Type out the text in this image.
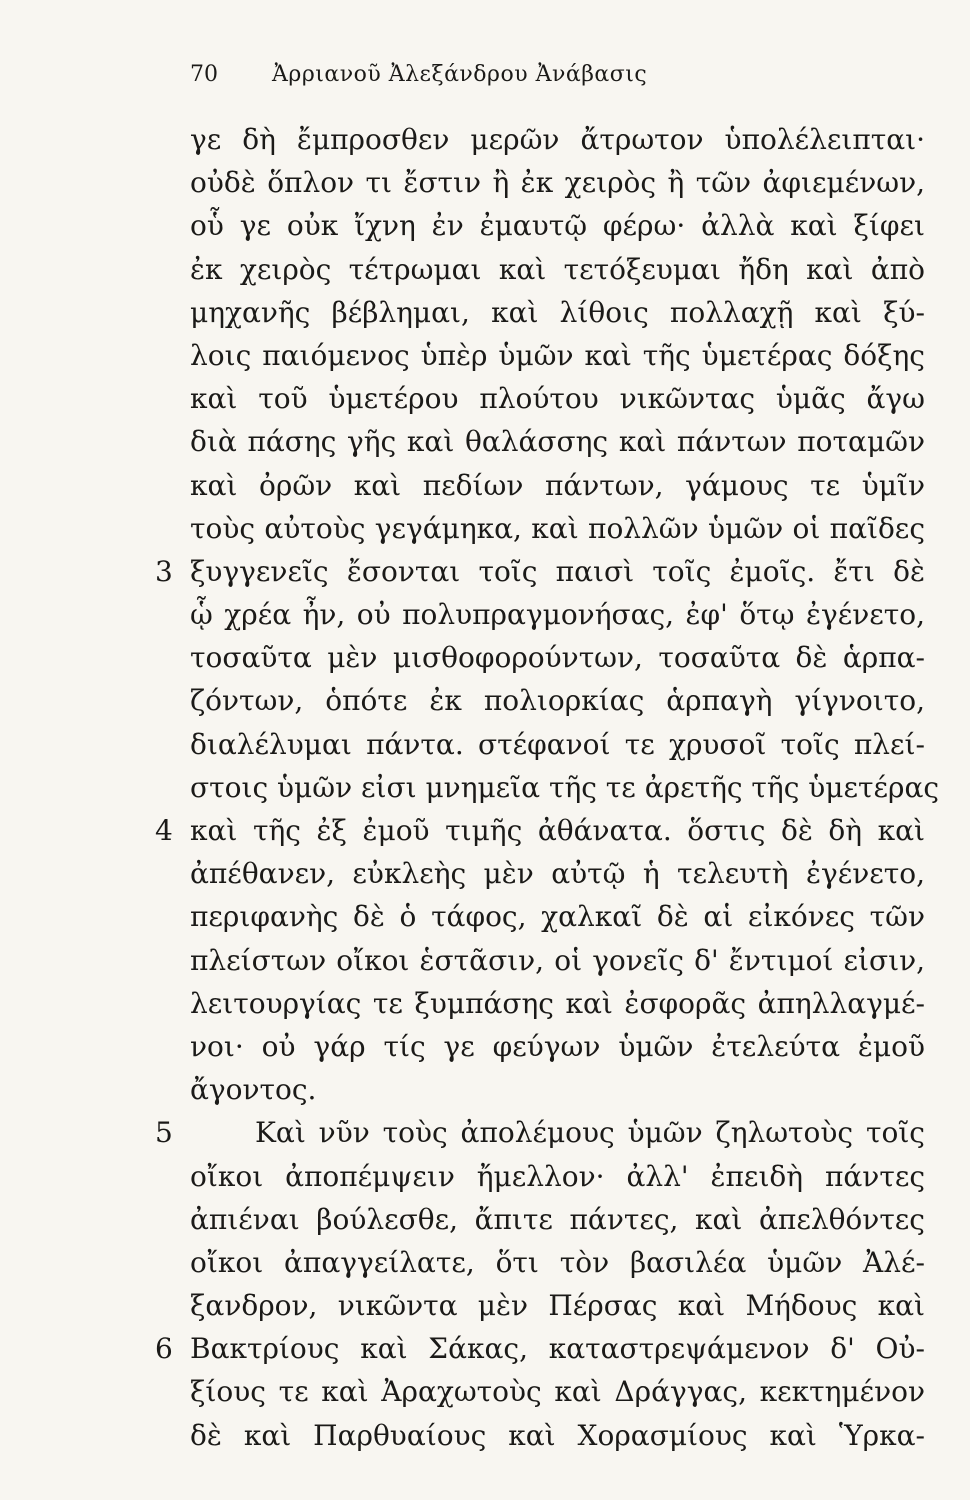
70 Ἀρριανοῦ Ἀλεξάνδρου Ἀνάβασις
γε δὴ ἔμπροσθεν μερῶν ἄτρωτον ὑπολέλειπται·
οὐδὲ ὅπλον τι ἔστιν ἢ ἐκ χειρὸς ἢ τῶν ἀφιεμένων,
οὗ γε οὐκ ἴχνη ἐν ἐμαυτῷ φέρω· ἀλλὰ καὶ ξίφει
ἐκ χειρὸς τέτρωμαι καὶ τετόξευμαι ἤδη καὶ ἀπὸ
μηχανῆς βέβλημαι, καὶ λίθοις πολλαχῇ καὶ ξύ-
λοις παιόμενος ὑπὲρ ὑμῶν καὶ τῆς ὑμετέρας δόξης
καὶ τοῦ ὑμετέρου πλούτου νικῶντας ὑμᾶς ἄγω
διὰ πάσης γῆς καὶ θαλάσσης καὶ πάντων ποταμῶν
καὶ ὀρῶν καὶ πεδίων πάντων, γάμους τε ὑμῖν
τοὺς αὐτοὺς γεγάμηκα, καὶ πολλῶν ὑμῶν οἱ παῖδες
ξυγγενεῖς ἔσονται τοῖς παισὶ τοῖς ἐμοῖς. ἔτι δὲ
3
ᾧ χρέα ἦν, οὐ πολυπραγμονήσας, ἐφ' ὅτῳ ἐγένετο,
τοσαῦτα μὲν μισθοφορούντων, τοσαῦτα δὲ ἁρπα-
ζόντων, ὁπότε ἐκ πολιορκίας ἁρπαγὴ γίγνοιτο,
διαλέλυμαι πάντα. στέφανοί τε χρυσοῖ τοῖς πλεί-
στοις ὑμῶν εἰσι μνημεῖα τῆς τε ἀρετῆς τῆς ὑμετέρας
καὶ τῆς ἐξ ἐμοῦ τιμῆς ἀθάνατα. ὅστις δὲ δὴ καὶ
4
ἀπέθανεν, εὐκλεὴς μὲν αὐτῷ ἡ τελευτὴ ἐγένετο,
περιφανὴς δὲ ὁ τάφος, χαλκαῖ δὲ αἱ εἰκόνες τῶν
πλείστων οἴκοι ἑστᾶσιν, οἱ γονεῖς δ' ἔντιμοί εἰσιν,
λειτουργίας τε ξυμπάσης καὶ ἐσφορᾶς ἀπηλλαγμέ-
νοι· οὐ γάρ τίς γε φεύγων ὑμῶν ἐτελεύτα ἐμοῦ
ἄγοντος.
Καὶ νῦν τοὺς ἀπολέμους ὑμῶν ζηλωτοὺς τοῖς
5
οἴκοι ἀποπέμψειν ἤμελλον· ἀλλ' ἐπειδὴ πάντες
ἀπιέναι βούλεσθε, ἄπιτε πάντες, καὶ ἀπελθόντες
οἴκοι ἀπαγγείλατε, ὅτι τὸν βασιλέα ὑμῶν Ἀλέ-
ξανδρον, νικῶντα μὲν Πέρσας καὶ Μήδους καὶ
Βακτρίους καὶ Σάκας, καταστρεψάμενον δ' Οὐ-
6
ξίους τε καὶ Ἀραχωτοὺς καὶ Δράγγας, κεκτημένον
δὲ καὶ Παρθυαίους καὶ Χορασμίους καὶ Ὑρκα-
